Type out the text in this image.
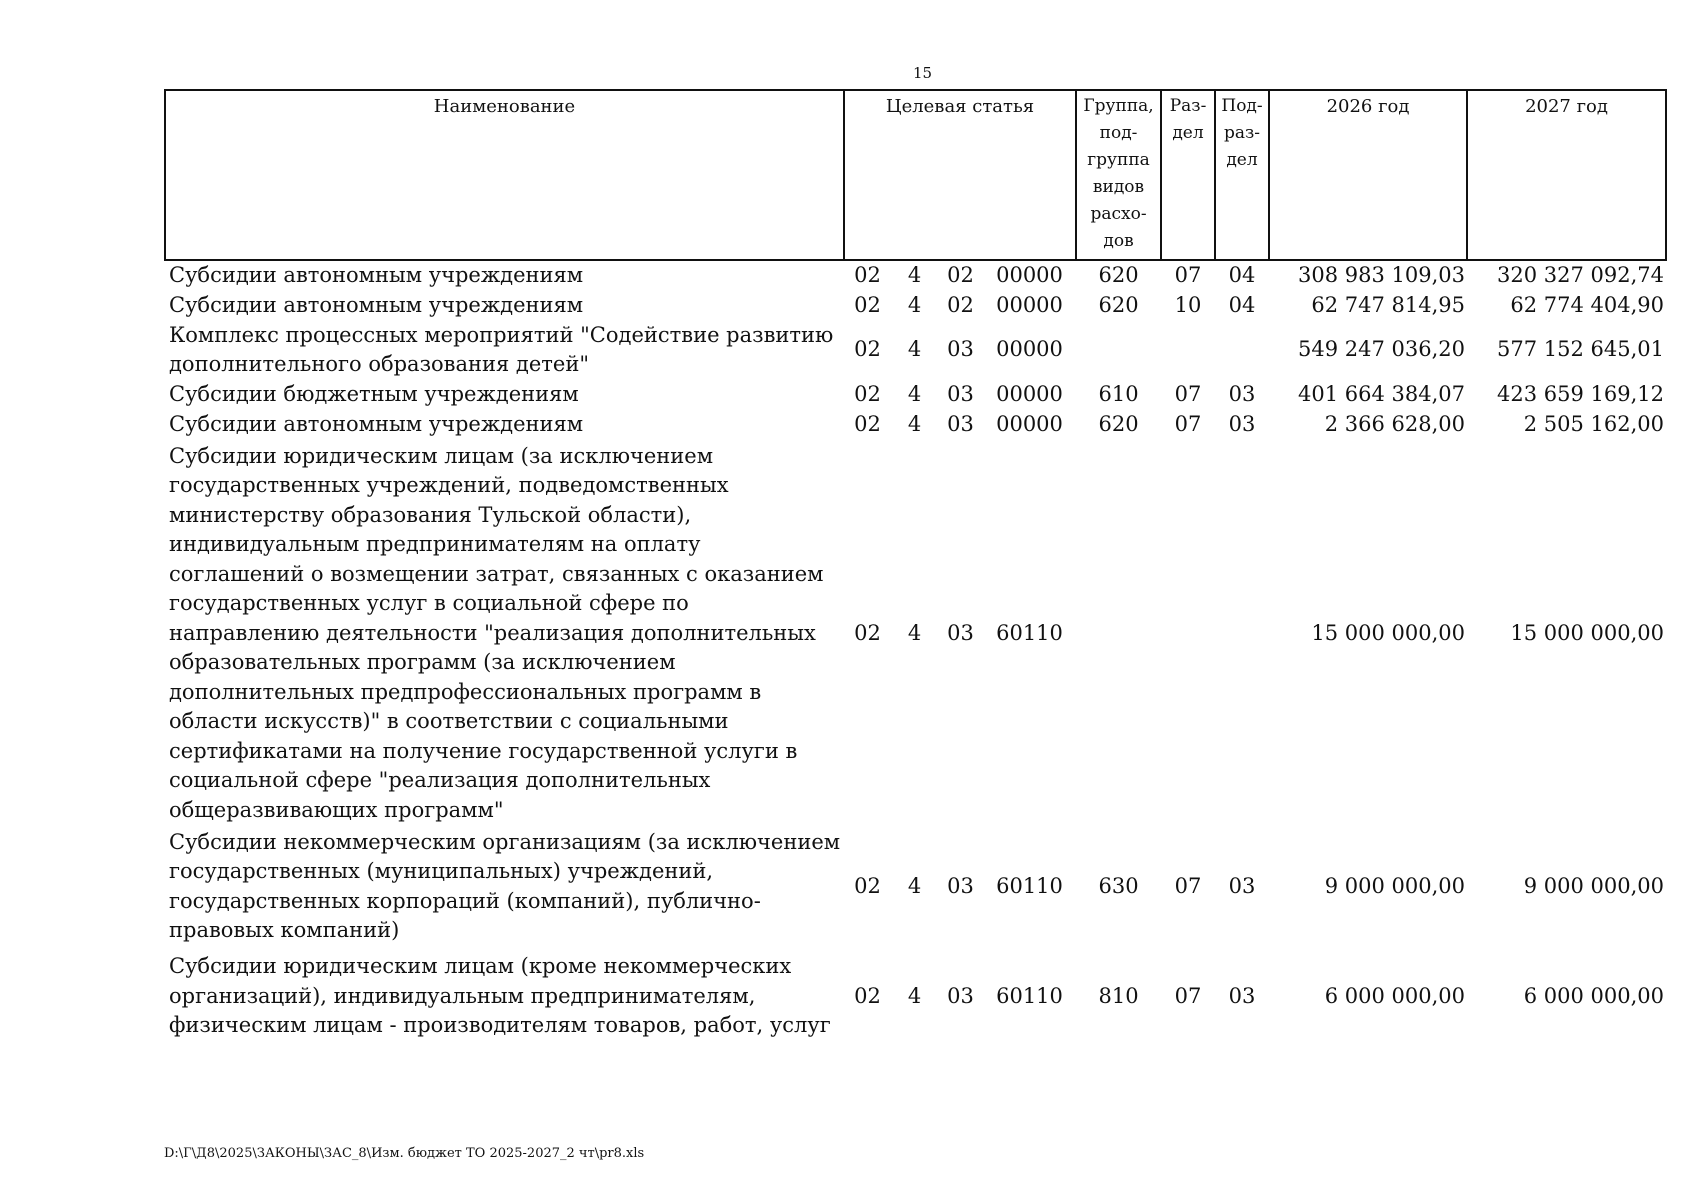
15
Наименование	Целевая статья				Группа, под-группа видов расхо-дов	Раз-дел	Под-раз-дел	2026 год	2027 год
Субсидии автономным учреждениям	02	4	02	00000	620	07	04	308 983 109,03	320 327 092,74
Субсидии автономным учреждениям	02	4	02	00000	620	10	04	62 747 814,95	62 774 404,90
Комплекс процессных мероприятий "Содействие развитию дополнительного образования детей"	02	4	03	00000				549 247 036,20	577 152 645,01
Субсидии бюджетным учреждениям	02	4	03	00000	610	07	03	401 664 384,07	423 659 169,12
Субсидии автономным учреждениям	02	4	03	00000	620	07	03	2 366 628,00	2 505 162,00
Субсидии юридическим лицам (за исключением государственных учреждений, подведомственных министерству образования Тульской области), индивидуальным предпринимателям на оплату соглашений о возмещении затрат, связанных с оказанием государственных услуг в социальной сфере по направлению деятельности "реализация дополнительных образовательных программ (за исключением дополнительных предпрофессиональных программ в области искусств)" в соответствии с социальными сертификатами на получение государственной услуги в социальной сфере "реализация дополнительных общеразвивающих программ"	02	4	03	60110				15 000 000,00	15 000 000,00
Субсидии некоммерческим организациям (за исключением государственных (муниципальных) учреждений, государственных корпораций (компаний), публично-правовых компаний)	02	4	03	60110	630	07	03	9 000 000,00	9 000 000,00
Субсидии юридическим лицам (кроме некоммерческих организаций), индивидуальным предпринимателям, физическим лицам - производителям товаров, работ, услуг	02	4	03	60110	810	07	03	6 000 000,00	6 000 000,00
D:\Г\Д8\2025\ЗАКОНЫ\ЗАС_8\Изм. бюджет ТО 2025-2027_2 чт\pr8.xls
